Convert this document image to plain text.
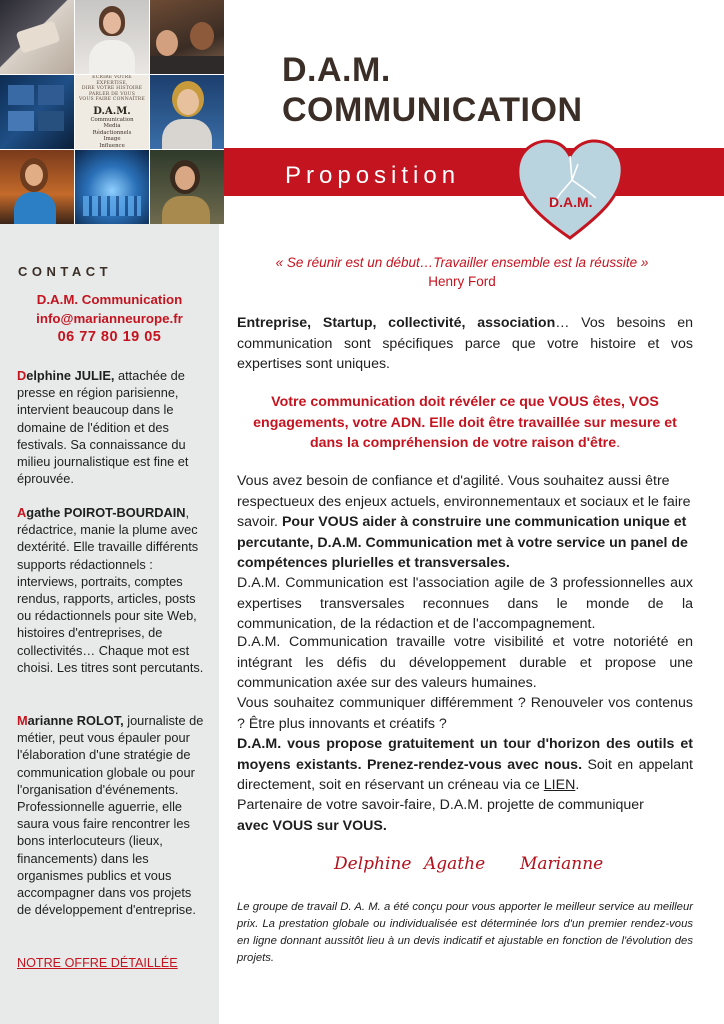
ÉCRIRE VOTRE EXPERTISE,
DIRE VOTRE HISTOIRE
PARLER DE VOUS
VOUS FAIRE CONNAÎTRE
D.A.M.
Communication
Media
Rédactionnels
Image
Influence
D.A.M.
COMMUNICATION
Proposition
D.A.M.
CONTACT
D.A.M. Communication
info@marianneurope.fr
06 77 80 19 05
Delphine JULIE, attachée de presse en région parisienne, intervient beaucoup dans le domaine de l'édition et des festivals. Sa connaissance du milieu journalistique est fine et éprouvée.
Agathe POIROT-BOURDAIN, rédactrice, manie la plume avec dextérité. Elle travaille différents supports rédactionnels : interviews, portraits, comptes rendus, rapports, articles, posts ou rédactionnels pour site Web, histoires d'entreprises, de collectivités… Chaque mot est choisi. Les titres sont percutants.
Marianne ROLOT, journaliste de métier, peut vous épauler pour l'élaboration d'une stratégie de communication globale ou pour l'organisation d'événements. Professionnelle aguerrie, elle saura vous faire rencontrer les bons interlocuteurs (lieux, financements) dans les organismes publics et vous accompagner dans vos projets de développement d'entreprise.
NOTRE OFFRE DÉTAILLÉE
« Se réunir est un début…Travailler ensemble est la réussite »
Henry Ford
Entreprise, Startup, collectivité, association… Vos besoins en communication sont spécifiques parce que votre histoire et vos expertises sont uniques.
Votre communication doit révéler ce que VOUS êtes, VOS engagements, votre ADN. Elle doit être travaillée sur mesure et dans la compréhension de votre raison d'être.
Vous avez besoin de confiance et d'agilité. Vous souhaitez aussi être respectueux des enjeux actuels, environnementaux et sociaux et le faire savoir. Pour VOUS aider à construire une communication unique et percutante, D.A.M. Communication met à votre service un panel de compétences plurielles et transversales.
D.A.M. Communication est l'association agile de 3 professionnelles aux expertises transversales reconnues dans le monde de la communication, de la rédaction et de l'accompagnement.
D.A.M. Communication travaille votre visibilité et votre notoriété en intégrant les défis du développement durable et propose une communication axée sur des valeurs humaines.
Vous souhaitez communiquer différemment ? Renouveler vos contenus ? Être plus innovants et créatifs ?
D.A.M. vous propose gratuitement un tour d'horizon des outils et moyens existants. Prenez-rendez-vous avec nous. Soit en appelant directement, soit en réservant un créneau via ce LIEN.
Partenaire de votre savoir-faire, D.A.M. projette de communiquer
avec VOUS sur VOUS.
Delphine Agathe Marianne
Le groupe de travail D. A. M. a été conçu pour vous apporter le meilleur service au meilleur prix. La prestation globale ou individualisée est déterminée lors d'un premier rendez-vous en ligne donnant aussitôt lieu à un devis indicatif et ajustable en fonction de l'évolution des projets.
